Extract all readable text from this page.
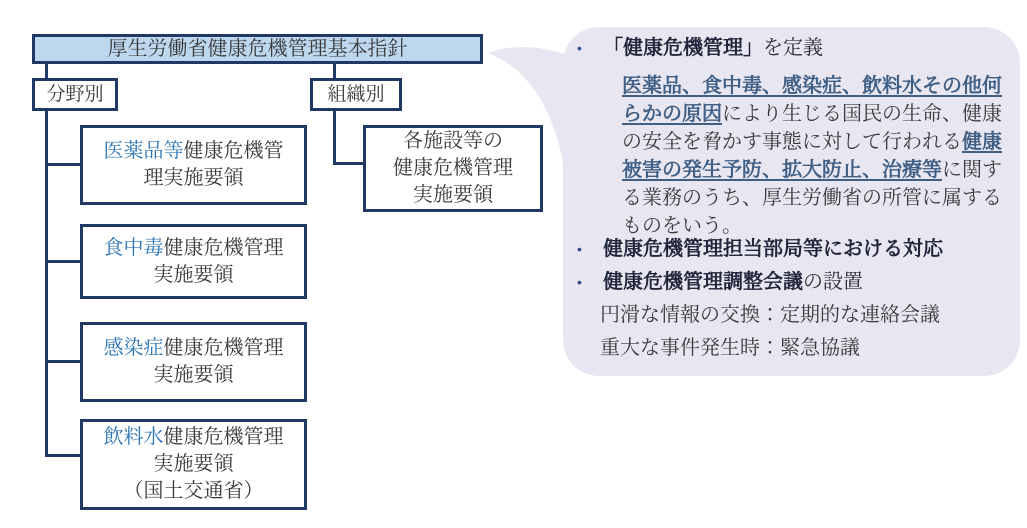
厚生労働省健康危機管理基本指針
分野別	組織別
医薬品等健康危機管
理実施要領
食中毒健康危機管理
実施要領
感染症健康危機管理
実施要領
飲料水健康危機管理
実施要領
（国土交通省）
各施設等の
健康危機管理
実施要領
•	「健康危機管理」を定義
医薬品、食中毒、感染症、飲料水その他何らかの原因により生じる国民の生命、健康の安全を脅かす事態に対して行われる健康被害の発生予防、拡大防止、治療等に関する業務のうち、厚生労働省の所管に属するものをいう。
•	健康危機管理担当部局等における対応
•	健康危機管理調整会議の設置
円滑な情報の交換：定期的な連絡会議
重大な事件発生時：緊急協議
